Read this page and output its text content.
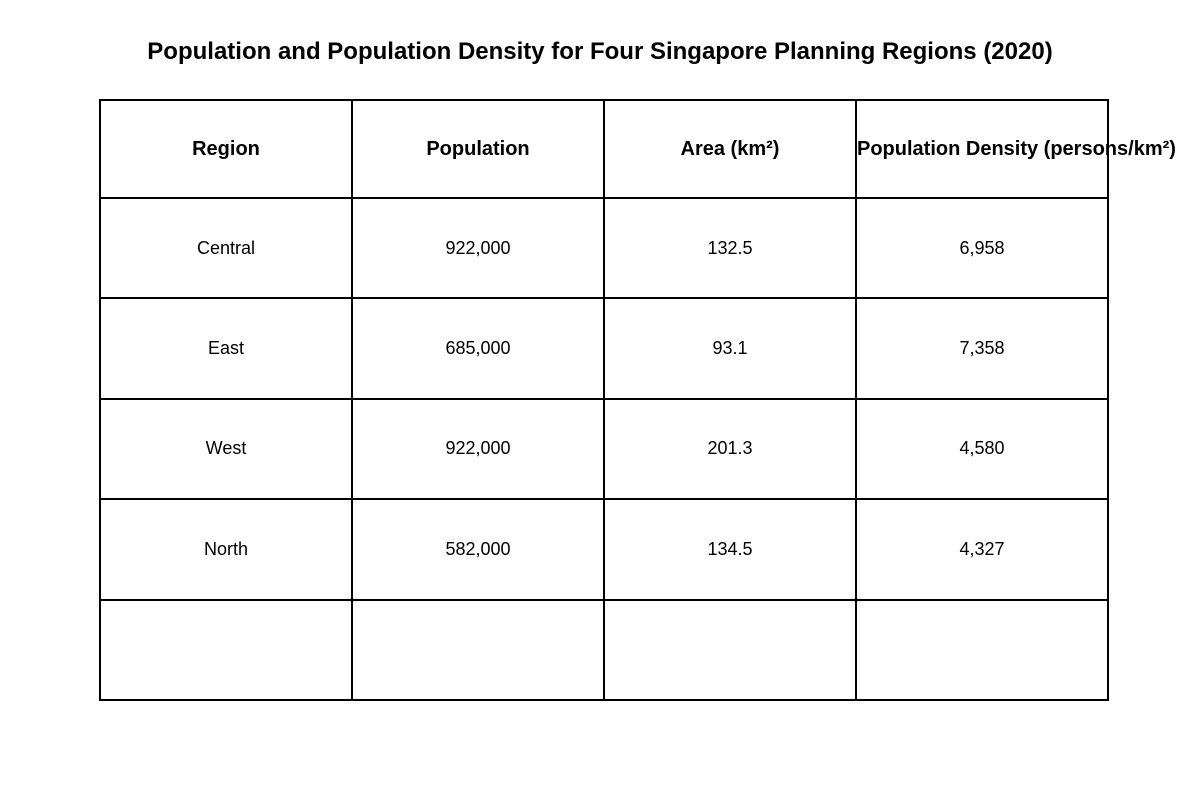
Population and Population Density for Four Singapore Planning Regions (2020)
Region	Population	Area (km²)	Population Density (persons/km²)
Central	922,000	132.5	6,958
East	685,000	93.1	7,358
West	922,000	201.3	4,580
North	582,000	134.5	4,327
